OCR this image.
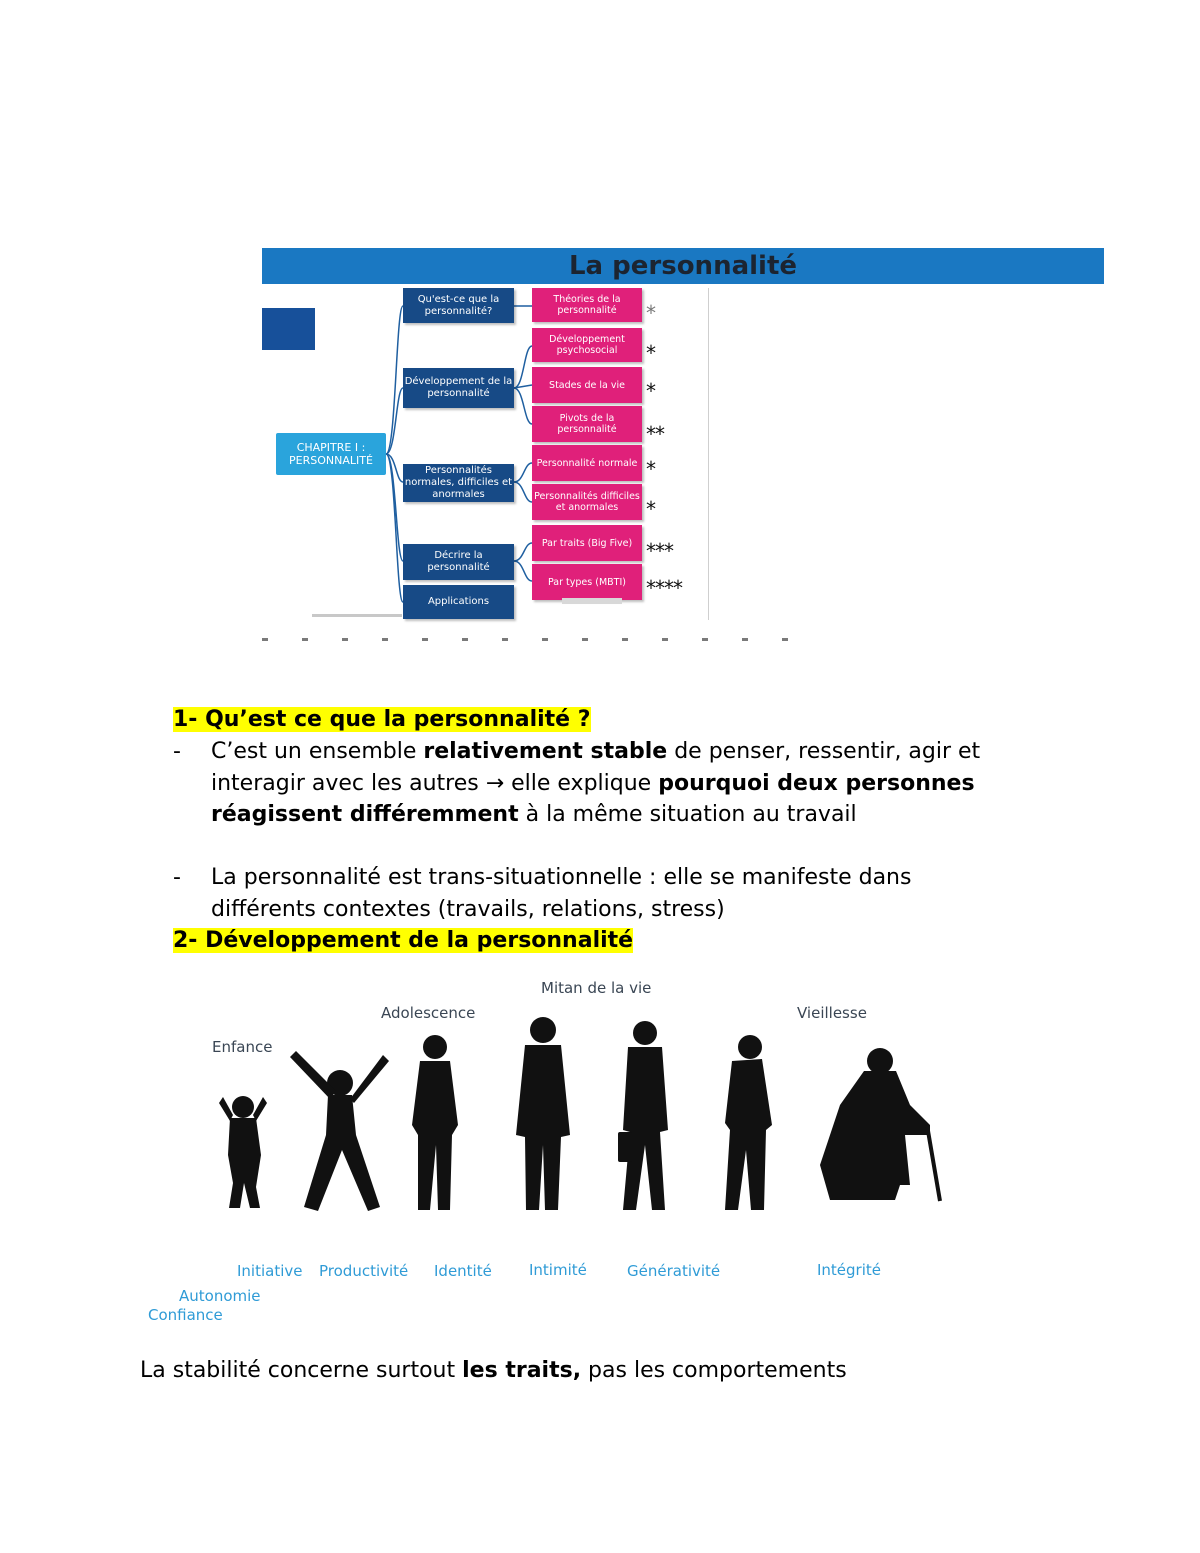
La personnalité
CHAPITRE I : PERSONNALITÉ
Qu'est-ce que la personnalité?
Développement de la personnalité
Personnalités normales, difficiles et anormales
Décrire la personnalité
Applications
Théories de la personnalité
Développement psychosocial
Stades de la vie
Pivots de la personnalité
Personnalité normale
Personnalités difficiles et anormales
Par traits (Big Five)
Par types (MBTI)
*
*
*
**
*
*
***
****
1- Qu’est ce que la personnalité ?
- C’est un ensemble relativement stable de penser, ressentir, agir et interagir avec les autres → elle explique pourquoi deux personnes réagissent différemment à la même situation au travail
- La personnalité est trans-situationnelle : elle se manifeste dans différents contextes (travails, relations, stress)
2- Développement de la personnalité
Enfance
Adolescence
Mitan de la vie
Vieillesse
Initiative Productivité Identité Intimité	Générativité	Intégrité
Autonomie
Confiance
La stabilité concerne surtout les traits, pas les comportements
